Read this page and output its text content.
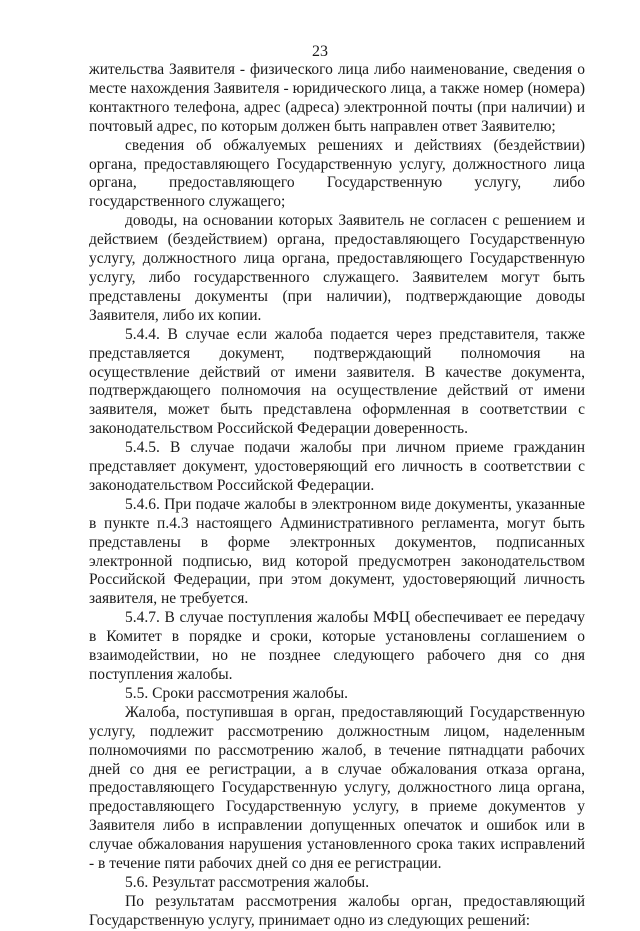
23

жительства Заявителя - физического лица либо наименование, сведения о месте нахождения Заявителя - юридического лица, а также номер (номера) контактного телефона, адрес (адреса) электронной почты (при наличии) и почтовый адрес, по которым должен быть направлен ответ Заявителю;

сведения об обжалуемых решениях и действиях (бездействии) органа, предоставляющего Государственную услугу, должностного лица органа, предоставляющего Государственную услугу, либо государственного служащего;

доводы, на основании которых Заявитель не согласен с решением и действием (бездействием) органа, предоставляющего Государственную услугу, должностного лица органа, предоставляющего Государственную услугу, либо государственного служащего. Заявителем могут быть представлены документы (при наличии), подтверждающие доводы Заявителя, либо их копии.

5.4.4. В случае если жалоба подается через представителя, также представляется документ, подтверждающий полномочия на осуществление действий от имени заявителя. В качестве документа, подтверждающего полномочия на осуществление действий от имени заявителя, может быть представлена оформленная в соответствии с законодательством Российской Федерации доверенность.

5.4.5. В случае подачи жалобы при личном приеме гражданин представляет документ, удостоверяющий его личность в соответствии с законодательством Российской Федерации.

5.4.6. При подаче жалобы в электронном виде документы, указанные в пункте п.4.3 настоящего Административного регламента, могут быть представлены в форме электронных документов, подписанных электронной подписью, вид которой предусмотрен законодательством Российской Федерации, при этом документ, удостоверяющий личность заявителя, не требуется.

5.4.7. В случае поступления жалобы МФЦ обеспечивает ее передачу в Комитет в порядке и сроки, которые установлены соглашением о взаимодействии, но не позднее следующего рабочего дня со дня поступления жалобы.

5.5. Сроки рассмотрения жалобы.

Жалоба, поступившая в орган, предоставляющий Государственную услугу, подлежит рассмотрению должностным лицом, наделенным полномочиями по рассмотрению жалоб, в течение пятнадцати рабочих дней со дня ее регистрации, а в случае обжалования отказа органа, предоставляющего Государственную услугу, должностного лица органа, предоставляющего Государственную услугу, в приеме документов у Заявителя либо в исправлении допущенных опечаток и ошибок или в случае обжалования нарушения установленного срока таких исправлений - в течение пяти рабочих дней со дня ее регистрации.

5.6. Результат рассмотрения жалобы.

По результатам рассмотрения жалобы орган, предоставляющий Государственную услугу, принимает одно из следующих решений:
